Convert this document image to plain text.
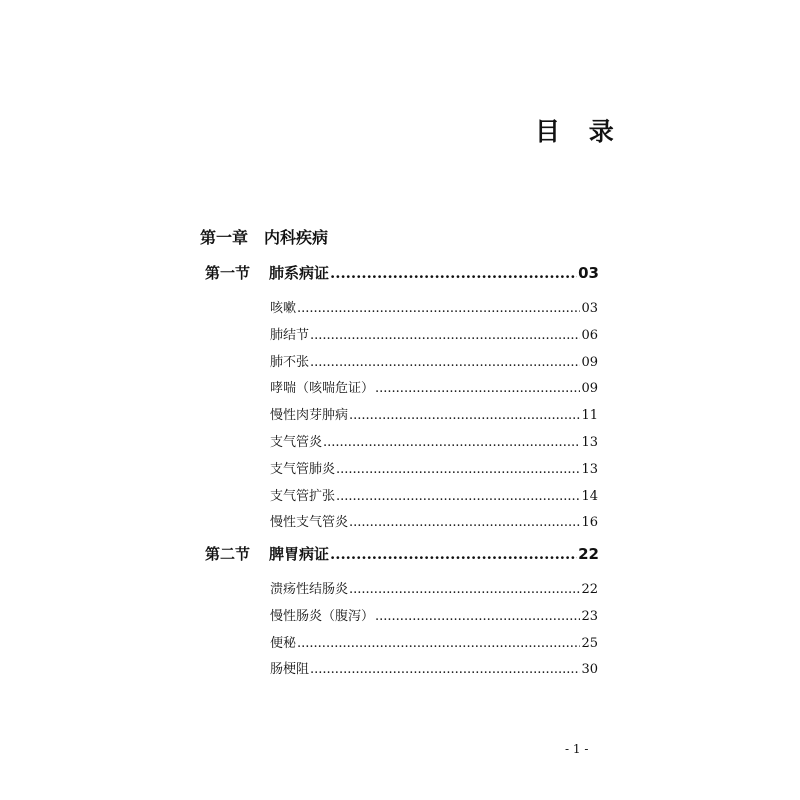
目 录
第一章 内科疾病
第一节	肺系病证 .....	03
咳嗽 .....	03
肺结节 .....	06
肺不张 .....	09
哮喘（咳喘危证） .....	09
慢性肉芽肿病 .....	11
支气管炎 .....	13
支气管肺炎 .....	13
支气管扩张 .....	14
慢性支气管炎 .....	16
第二节	脾胃病证 .....	22
溃疡性结肠炎 .....	22
慢性肠炎（腹泻） .....	23
便秘 .....	25
肠梗阻 .....	30
- 1 -
